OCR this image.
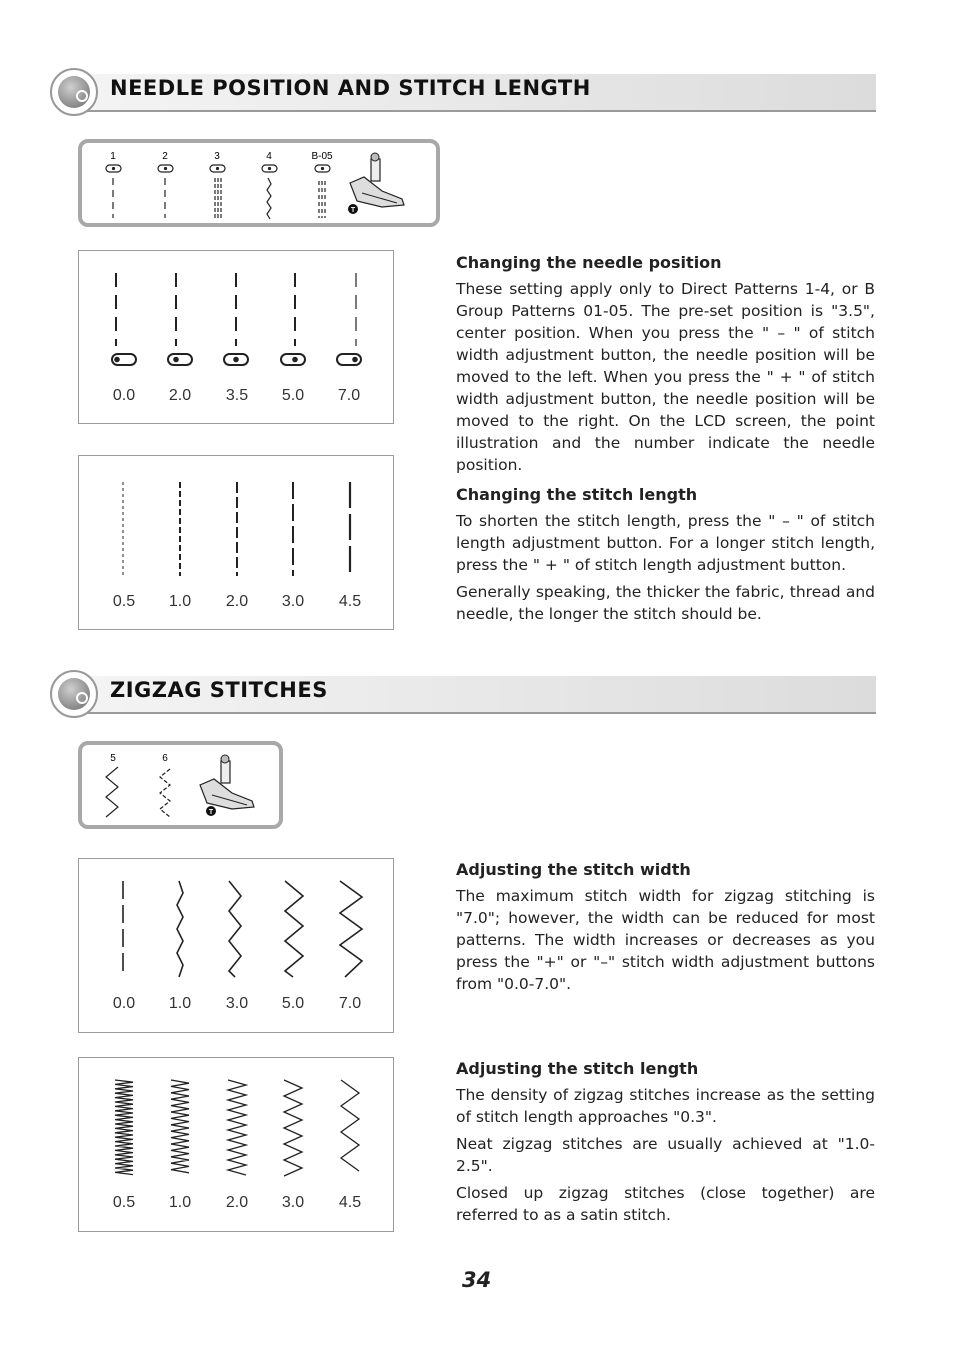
NEEDLE POSITION AND STITCH LENGTH
1	2	3	4	B-05
T
0.0 2.0 3.5 5.0 7.0
0.5 1.0 2.0 3.0 4.5
Changing the needle position

These setting apply only to Direct Patterns 1-4, or B Group Patterns 01-05. The pre-set position is "3.5", center position. When you press the " – " of stitch width adjustment button, the needle position will be moved to the left. When you press the " + " of stitch width adjustment button, the needle position will be moved to the right. On the LCD screen, the point illustration and the number indicate the needle position.

Changing the stitch length

To shorten the stitch length, press the " – " of stitch length adjustment button. For a longer stitch length, press the " + " of stitch length adjustment button.

Generally speaking, the thicker the fabric, thread and needle, the longer the stitch should be.

ZIGZAG STITCHES
5	6
T
0.0 1.0 3.0 5.0 7.0
0.5 1.0 2.0 3.0 4.5
Adjusting the stitch width

The maximum stitch width for zigzag stitching is "7.0"; however, the width can be reduced for most patterns. The width increases or decreases as you press the "+" or "–" stitch width adjustment buttons from "0.0-7.0".

Adjusting the stitch length

The density of zigzag stitches increase as the setting of stitch length approaches "0.3".

Neat zigzag stitches are usually achieved at "1.0-2.5".

Closed up zigzag stitches (close together) are referred to as a satin stitch.

34
